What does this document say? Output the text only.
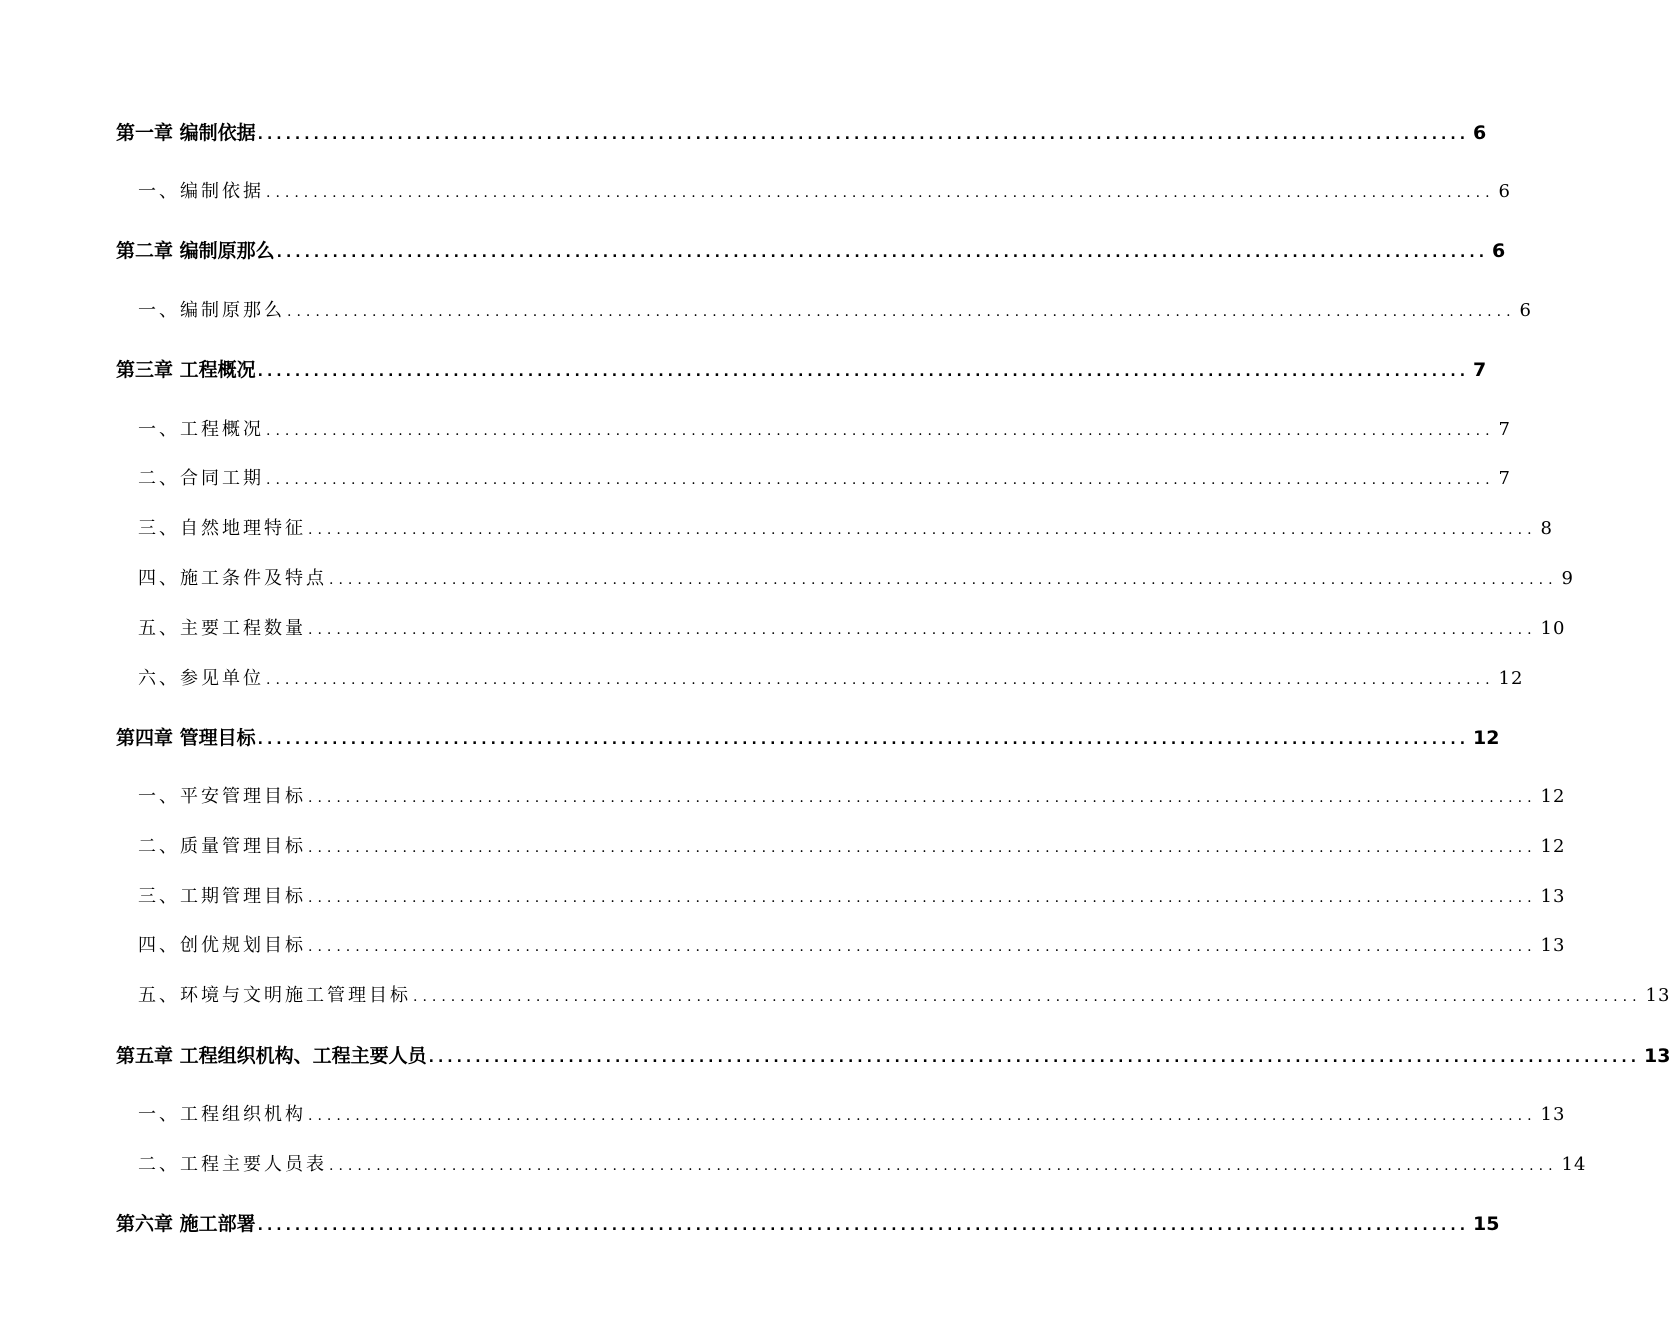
第一章 编制依据 .................................................................................................................................. 6
一、编制依据 .................................................................................................................................. 6
第二章 编制原那么 .................................................................................................................................. 6
一、编制原那么 .................................................................................................................................. 6
第三章 工程概况 .................................................................................................................................. 7
一、工程概况 .................................................................................................................................. 7
二、合同工期 .................................................................................................................................. 7
三、自然地理特征 .................................................................................................................................. 8
四、施工条件及特点 .................................................................................................................................. 9
五、主要工程数量 .................................................................................................................................. 10
六、参见单位 .................................................................................................................................. 12
第四章 管理目标 .................................................................................................................................. 12
一、平安管理目标 .................................................................................................................................. 12
二、质量管理目标 .................................................................................................................................. 12
三、工期管理目标 .................................................................................................................................. 13
四、创优规划目标 .................................................................................................................................. 13
五、环境与文明施工管理目标 .................................................................................................................................. 13
第五章 工程组织机构、工程主要人员 .................................................................................................................................. 13
一、工程组织机构 .................................................................................................................................. 13
二、工程主要人员表 .................................................................................................................................. 14
第六章 施工部署 .................................................................................................................................. 15
